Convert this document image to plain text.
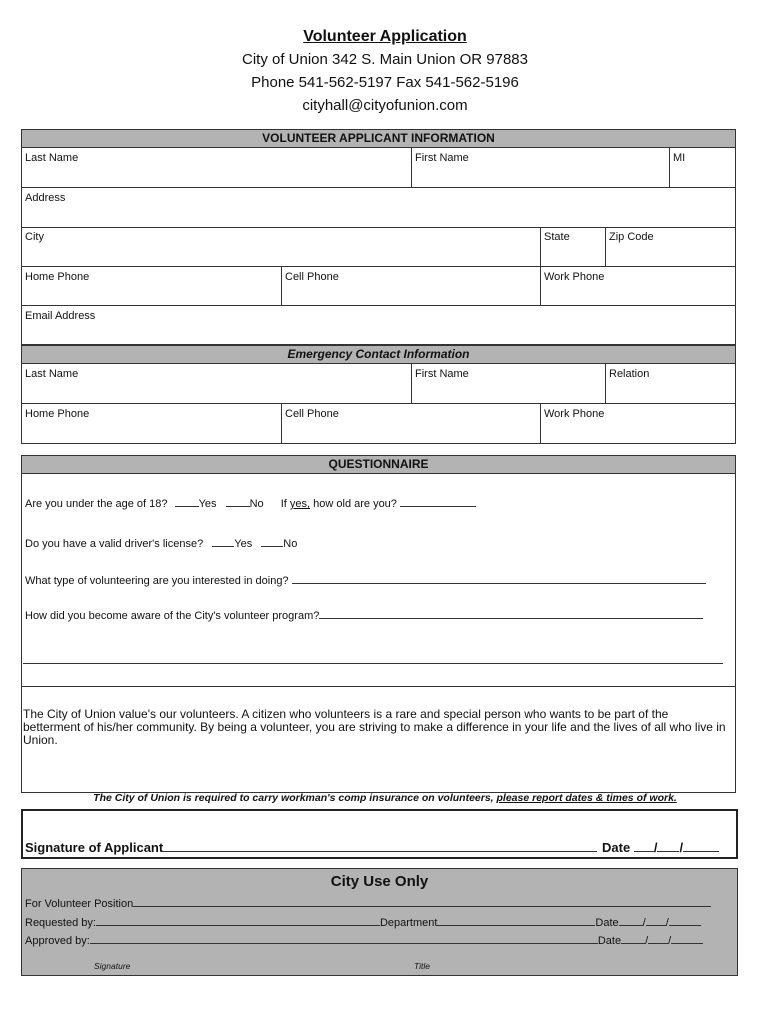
Volunteer Application
City of Union 342 S. Main Union OR 97883
Phone 541-562-5197 Fax 541-562-5196
cityhall@cityofunion.com
VOLUNTEER APPLICANT INFORMATION
Last Name	First Name	MI
Address
City	State	Zip Code
Home Phone	Cell Phone	Work Phone
Email Address
Emergency Contact Information
Last Name	First Name	Relation
Home Phone	Cell Phone	Work Phone
QUESTIONNAIRE
Are you under the age of 18?	Yes	No If yes, how old are you?
Do you have a valid driver's license?	Yes	No
What type of volunteering are you interested in doing?
How did you become aware of the City's volunteer program?
The City of Union value's our volunteers. A citizen who volunteers is a rare and special person who wants to be part of the betterment of his/her community. By being a volunteer, you are striving to make a difference in your life and the lives of all who live in Union.
The City of Union is required to carry workman's comp insurance on volunteers, please report dates & times of work.
Signature of Applicant	Date / /
City Use Only
For Volunteer Position
Requested by:	Department	Date / /
Approved by:	Date / /
Signature	Title
